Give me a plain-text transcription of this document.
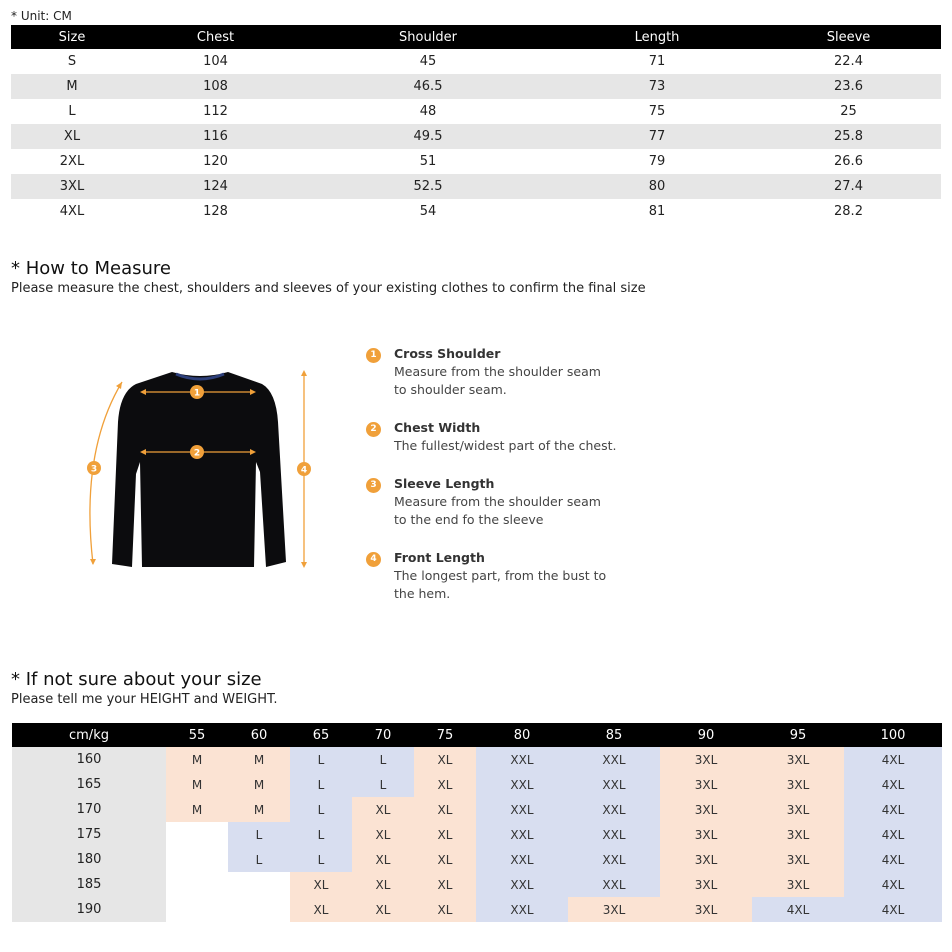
* Unit: CM
Size	Chest	Shoulder	Length	Sleeve
S	104	45	71	22.4
M	108	46.5	73	23.6
L	112	48	75	25
XL	116	49.5	77	25.8
2XL	120	51	79	26.6
3XL	124	52.5	80	27.4
4XL	128	54	81	28.2
* How to Measure
Please measure the chest, shoulders and sleeves of your existing clothes to confirm the final size
1
2
3	4
1	Cross Shoulder
Measure from the shoulder seam
to shoulder seam.
2	Chest Width
The fullest/widest part of the chest.
3	Sleeve Length
Measure from the shoulder seam
to the end fo the sleeve
4	Front Length
The longest part, from the bust to
the hem.
* If not sure about your size
Please tell me your HEIGHT and WEIGHT.
cm/kg	55	60	65	70	75	80	85	90	95	100
160	M	M	L	L	XL	XXL	XXL	3XL	3XL	4XL
165	M	M	L	L	XL	XXL	XXL	3XL	3XL	4XL
170	M	M	L	XL	XL	XXL	XXL	3XL	3XL	4XL
175		L	L	XL	XL	XXL	XXL	3XL	3XL	4XL
180		L	L	XL	XL	XXL	XXL	3XL	3XL	4XL
185			XL	XL	XL	XXL	XXL	3XL	3XL	4XL
190			XL	XL	XL	XXL	3XL	3XL	4XL	4XL
